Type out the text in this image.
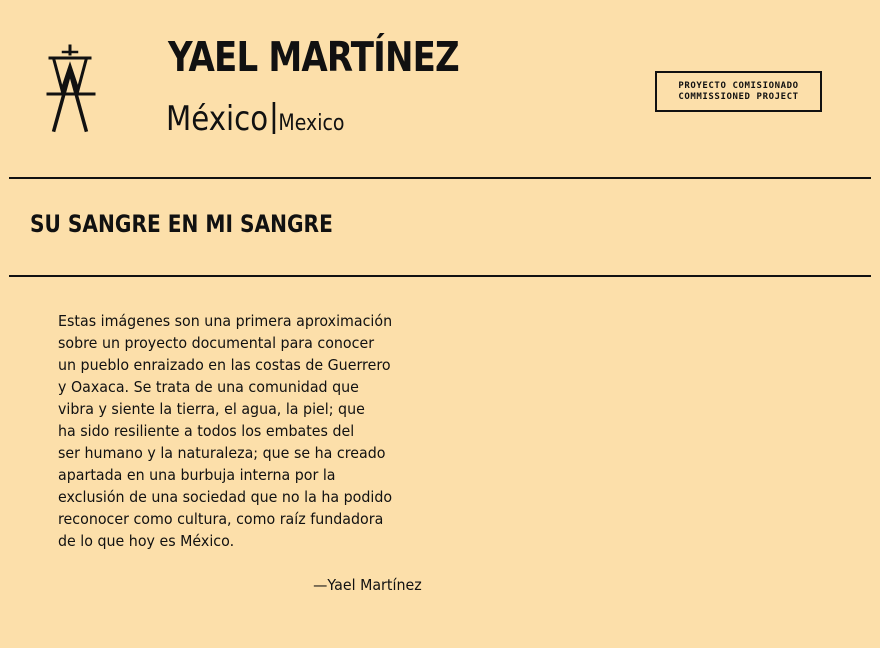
YAEL MARTÍNEZ
México Mexico
PROYECTO COMISIONADO
COMMISSIONED PROJECT
SU SANGRE EN MI SANGRE
Estas imágenes son una primera aproximación
sobre un proyecto documental para conocer
un pueblo enraizado en las costas de Guerrero
y Oaxaca. Se trata de una comunidad que
vibra y siente la tierra, el agua, la piel; que
ha sido resiliente a todos los embates del
ser humano y la naturaleza; que se ha creado
apartada en una burbuja interna por la
exclusión de una sociedad que no la ha podido
reconocer como cultura, como raíz fundadora
de lo que hoy es México.
—Yael Martínez
